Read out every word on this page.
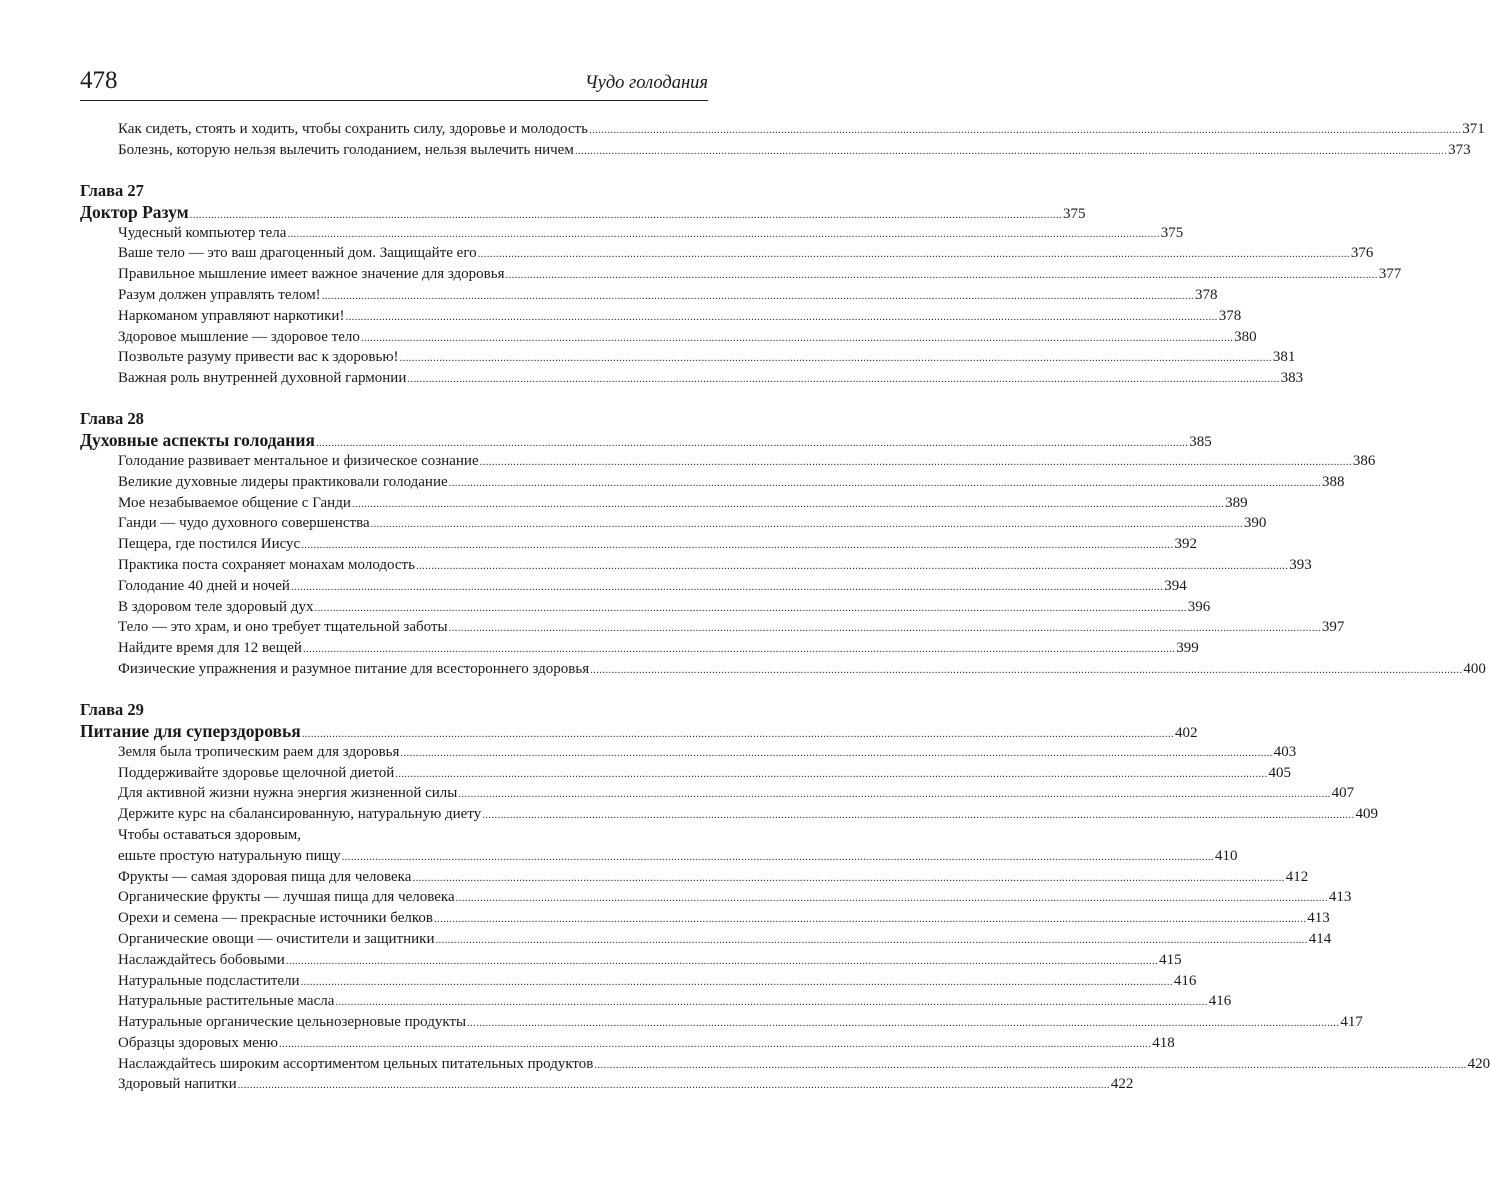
478	Чудо голодания
Как сидеть, стоять и ходить, чтобы сохранить силу, здоровье и молодость .............................................................................................................................................................................................................................................................................................. 371
Болезнь, которую нельзя вылечить голоданием, нельзя вылечить ничем .............................................................................................................................................................................................................................................................................................. 373
Глава 27
Доктор Разум .............................................................................................................................................................................................................................................................................................. 375
Чудесный компьютер тела .............................................................................................................................................................................................................................................................................................. 375
Ваше тело — это ваш драгоценный дом. Защищайте его .............................................................................................................................................................................................................................................................................................. 376
Правильное мышление имеет важное значение для здоровья .............................................................................................................................................................................................................................................................................................. 377
Разум должен управлять телом! .............................................................................................................................................................................................................................................................................................. 378
Наркоманом управляют наркотики! .............................................................................................................................................................................................................................................................................................. 378
Здоровое мышление — здоровое тело .............................................................................................................................................................................................................................................................................................. 380
Позвольте разуму привести вас к здоровью! .............................................................................................................................................................................................................................................................................................. 381
Важная роль внутренней духовной гармонии .............................................................................................................................................................................................................................................................................................. 383
Глава 28
Духовные аспекты голодания .............................................................................................................................................................................................................................................................................................. 385
Голодание развивает ментальное и физическое сознание .............................................................................................................................................................................................................................................................................................. 386
Великие духовные лидеры практиковали голодание .............................................................................................................................................................................................................................................................................................. 388
Мое незабываемое общение с Ганди .............................................................................................................................................................................................................................................................................................. 389
Ганди — чудо духовного совершенства .............................................................................................................................................................................................................................................................................................. 390
Пещера, где постился Иисус .............................................................................................................................................................................................................................................................................................. 392
Практика поста сохраняет монахам молодость .............................................................................................................................................................................................................................................................................................. 393
Голодание 40 дней и ночей .............................................................................................................................................................................................................................................................................................. 394
В здоровом теле здоровый дух .............................................................................................................................................................................................................................................................................................. 396
Тело — это храм, и оно требует тщательной заботы .............................................................................................................................................................................................................................................................................................. 397
Найдите время для 12 вещей .............................................................................................................................................................................................................................................................................................. 399
Физические упражнения и разумное питание для всестороннего здоровья .............................................................................................................................................................................................................................................................................................. 400
Глава 29
Питание для суперздоровья .............................................................................................................................................................................................................................................................................................. 402
Земля была тропическим раем для здоровья .............................................................................................................................................................................................................................................................................................. 403
Поддерживайте здоровье щелочной диетой .............................................................................................................................................................................................................................................................................................. 405
Для активной жизни нужна энергия жизненной силы .............................................................................................................................................................................................................................................................................................. 407
Держите курс на сбалансированную, натуральную диету .............................................................................................................................................................................................................................................................................................. 409
Чтобы оставаться здоровым,
ешьте простую натуральную пищу .............................................................................................................................................................................................................................................................................................. 410
Фрукты — самая здоровая пища для человека .............................................................................................................................................................................................................................................................................................. 412
Органические фрукты — лучшая пища для человека .............................................................................................................................................................................................................................................................................................. 413
Орехи и семена — прекрасные источники белков .............................................................................................................................................................................................................................................................................................. 413
Органические овощи — очистители и защитники .............................................................................................................................................................................................................................................................................................. 414
Наслаждайтесь бобовыми .............................................................................................................................................................................................................................................................................................. 415
Натуральные подсластители .............................................................................................................................................................................................................................................................................................. 416
Натуральные растительные масла .............................................................................................................................................................................................................................................................................................. 416
Натуральные органические цельнозерновые продукты .............................................................................................................................................................................................................................................................................................. 417
Образцы здоровых меню .............................................................................................................................................................................................................................................................................................. 418
Наслаждайтесь широким ассортиментом цельных питательных продуктов .............................................................................................................................................................................................................................................................................................. 420
Здоровый напитки .............................................................................................................................................................................................................................................................................................. 422
